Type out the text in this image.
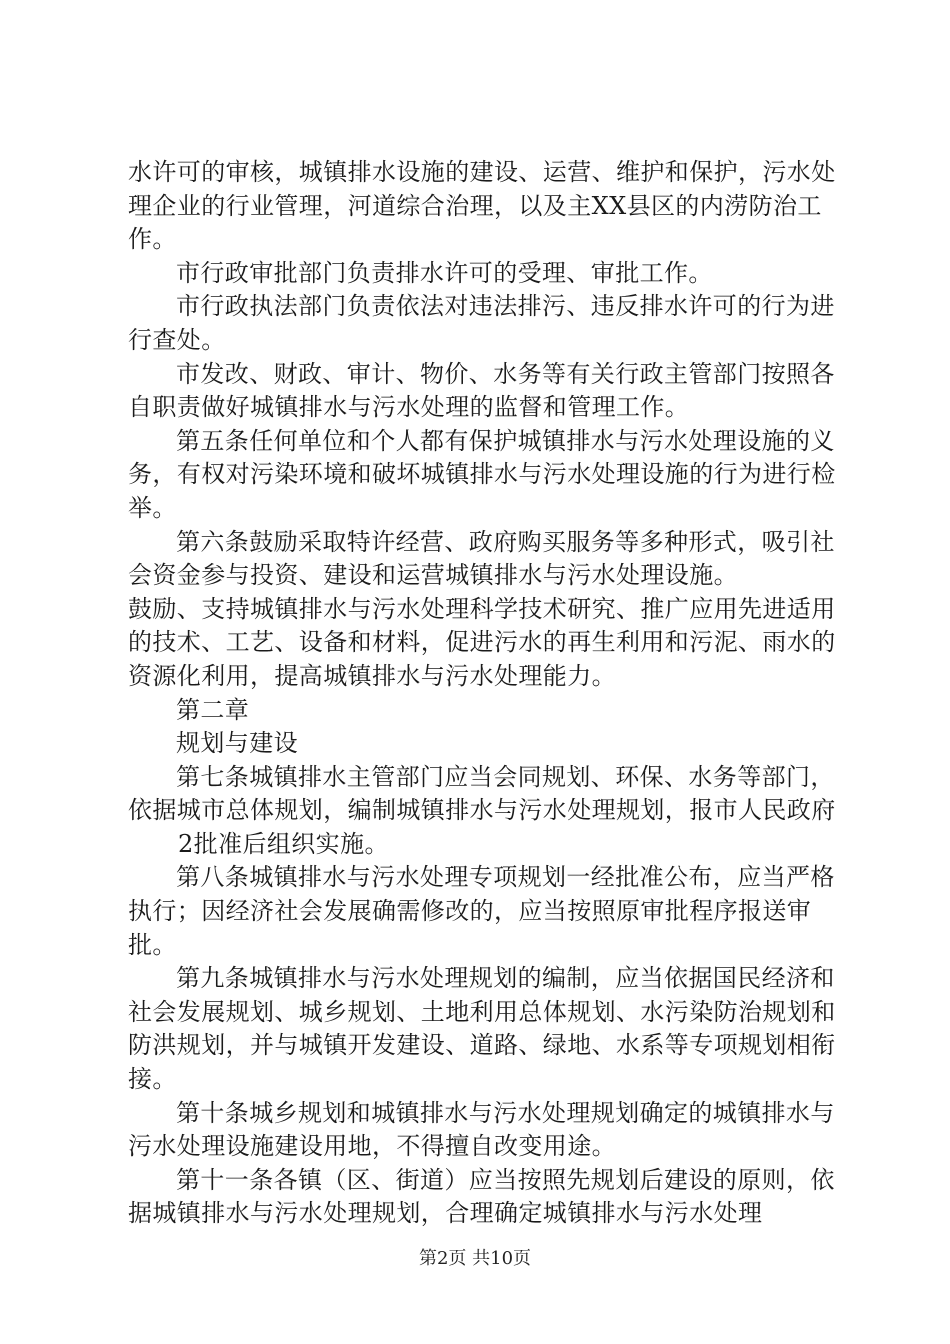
水许可的审核，城镇排水设施的建设、运营、维护和保护，污水处理企业的行业管理，河道综合治理，以及主XX县区的内涝防治工作。

市行政审批部门负责排水许可的受理、审批工作。

市行政执法部门负责依法对违法排污、违反排水许可的行为进行查处。

市发改、财政、审计、物价、水务等有关行政主管部门按照各自职责做好城镇排水与污水处理的监督和管理工作。

第五条任何单位和个人都有保护城镇排水与污水处理设施的义务，有权对污染环境和破坏城镇排水与污水处理设施的行为进行检举。

第六条鼓励采取特许经营、政府购买服务等多种形式，吸引社会资金参与投资、建设和运营城镇排水与污水处理设施。

鼓励、支持城镇排水与污水处理科学技术研究、推广应用先进适用的技术、工艺、设备和材料，促进污水的再生利用和污泥、雨水的资源化利用，提高城镇排水与污水处理能力。

第二章

规划与建设

第七条城镇排水主管部门应当会同规划、环保、水务等部门，依据城市总体规划，编制城镇排水与污水处理规划，报市人民政府

2批准后组织实施。

第八条城镇排水与污水处理专项规划一经批准公布，应当严格执行；因经济社会发展确需修改的，应当按照原审批程序报送审批。

第九条城镇排水与污水处理规划的编制，应当依据国民经济和社会发展规划、城乡规划、土地利用总体规划、水污染防治规划和防洪规划，并与城镇开发建设、道路、绿地、水系等专项规划相衔接。

第十条城乡规划和城镇排水与污水处理规划确定的城镇排水与污水处理设施建设用地，不得擅自改变用途。

第十一条各镇（区、街道）应当按照先规划后建设的原则，依据城镇排水与污水处理规划，合理确定城镇排水与污水处理

第2页 共10页
